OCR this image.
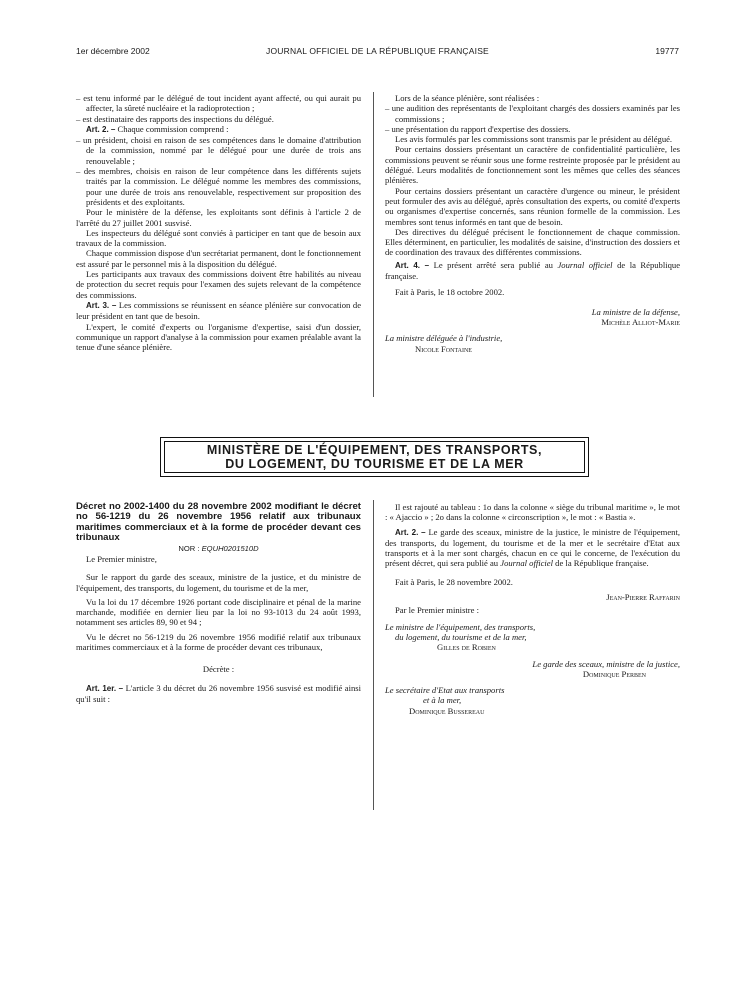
1er décembre 2002	JOURNAL OFFICIEL DE LA RÉPUBLIQUE FRANÇAISE	19777

– est tenu informé par le délégué de tout incident ayant affecté, ou qui aurait pu affecter, la sûreté nucléaire et la radioprotection ;

– est destinataire des rapports des inspections du délégué.

Art. 2. – Chaque commission comprend :

– un président, choisi en raison de ses compétences dans le domaine d'attribution de la commission, nommé par le délégué pour une durée de trois ans renouvelable ;

– des membres, choisis en raison de leur compétence dans les différents sujets traités par la commission. Le délégué nomme les membres des commissions, pour une durée de trois ans renouvelable, respectivement sur proposition des présidents et des exploitants.

Pour le ministère de la défense, les exploitants sont définis à l'article 2 de l'arrêté du 27 juillet 2001 susvisé.

Les inspecteurs du délégué sont conviés à participer en tant que de besoin aux travaux de la commission.

Chaque commission dispose d'un secrétariat permanent, dont le fonctionnement est assuré par le personnel mis à la disposition du délégué.

Les participants aux travaux des commissions doivent être habilités au niveau de protection du secret requis pour l'examen des sujets relevant de la compétence des commissions.

Art. 3. – Les commissions se réunissent en séance plénière sur convocation de leur président en tant que de besoin.

L'expert, le comité d'experts ou l'organisme d'expertise, saisi d'un dossier, communique un rapport d'analyse à la commission pour examen préalable avant la tenue d'une séance plénière.

Lors de la séance plénière, sont réalisées :

– une audition des représentants de l'exploitant chargés des dossiers examinés par les commissions ;

– une présentation du rapport d'expertise des dossiers.

Les avis formulés par les commissions sont transmis par le président au délégué.

Pour certains dossiers présentant un caractère de confidentialité particulière, les commissions peuvent se réunir sous une forme restreinte proposée par le président au délégué. Leurs modalités de fonctionnement sont les mêmes que celles des séances plénières.

Pour certains dossiers présentant un caractère d'urgence ou mineur, le président peut formuler des avis au délégué, après consultation des experts, ou comité d'experts ou organismes d'expertise concernés, sans réunion formelle de la commission. Les membres sont tenus informés en tant que de besoin.

Des directives du délégué précisent le fonctionnement de chaque commission. Elles déterminent, en particulier, les modalités de saisine, d'instruction des dossiers et de coordination des travaux des différentes commissions.

Art. 4. – Le présent arrêté sera publié au Journal officiel de la République française.

Fait à Paris, le 18 octobre 2002.

La ministre de la défense,

Michèle Alliot-Marie

La ministre déléguée à l'industrie,

Nicole Fontaine

MINISTÈRE DE L'ÉQUIPEMENT, DES TRANSPORTS,
DU LOGEMENT, DU TOURISME ET DE LA MER

Décret no 2002-1400 du 28 novembre 2002 modifiant le décret no 56-1219 du 26 novembre 1956 relatif aux tribunaux maritimes commerciaux et à la forme de procéder devant ces tribunaux

NOR : EQUH0201510D

Le Premier ministre,

Sur le rapport du garde des sceaux, ministre de la justice, et du ministre de l'équipement, des transports, du logement, du tourisme et de la mer,

Vu la loi du 17 décembre 1926 portant code disciplinaire et pénal de la marine marchande, modifiée en dernier lieu par la loi no 93-1013 du 24 août 1993, notamment ses articles 89, 90 et 94 ;

Vu le décret no 56-1219 du 26 novembre 1956 modifié relatif aux tribunaux maritimes commerciaux et à la forme de procéder devant ces tribunaux,

Décrète :

Art. 1er. – L'article 3 du décret du 26 novembre 1956 susvisé est modifié ainsi qu'il suit :

Il est rajouté au tableau : 1o dans la colonne « siège du tribunal maritime », le mot : « Ajaccio » ; 2o dans la colonne « circonscription », le mot : « Bastia ».

Art. 2. – Le garde des sceaux, ministre de la justice, le ministre de l'équipement, des transports, du logement, du tourisme et de la mer et le secrétaire d'Etat aux transports et à la mer sont chargés, chacun en ce qui le concerne, de l'exécution du présent décret, qui sera publié au Journal officiel de la République française.

Fait à Paris, le 28 novembre 2002.

Jean-Pierre Raffarin

Par le Premier ministre :

Le ministre de l'équipement, des transports,

du logement, du tourisme et de la mer,

Gilles de Robien

Le garde des sceaux, ministre de la justice,

Dominique Perben

Le secrétaire d'Etat aux transports

et à la mer,

Dominique Bussereau
